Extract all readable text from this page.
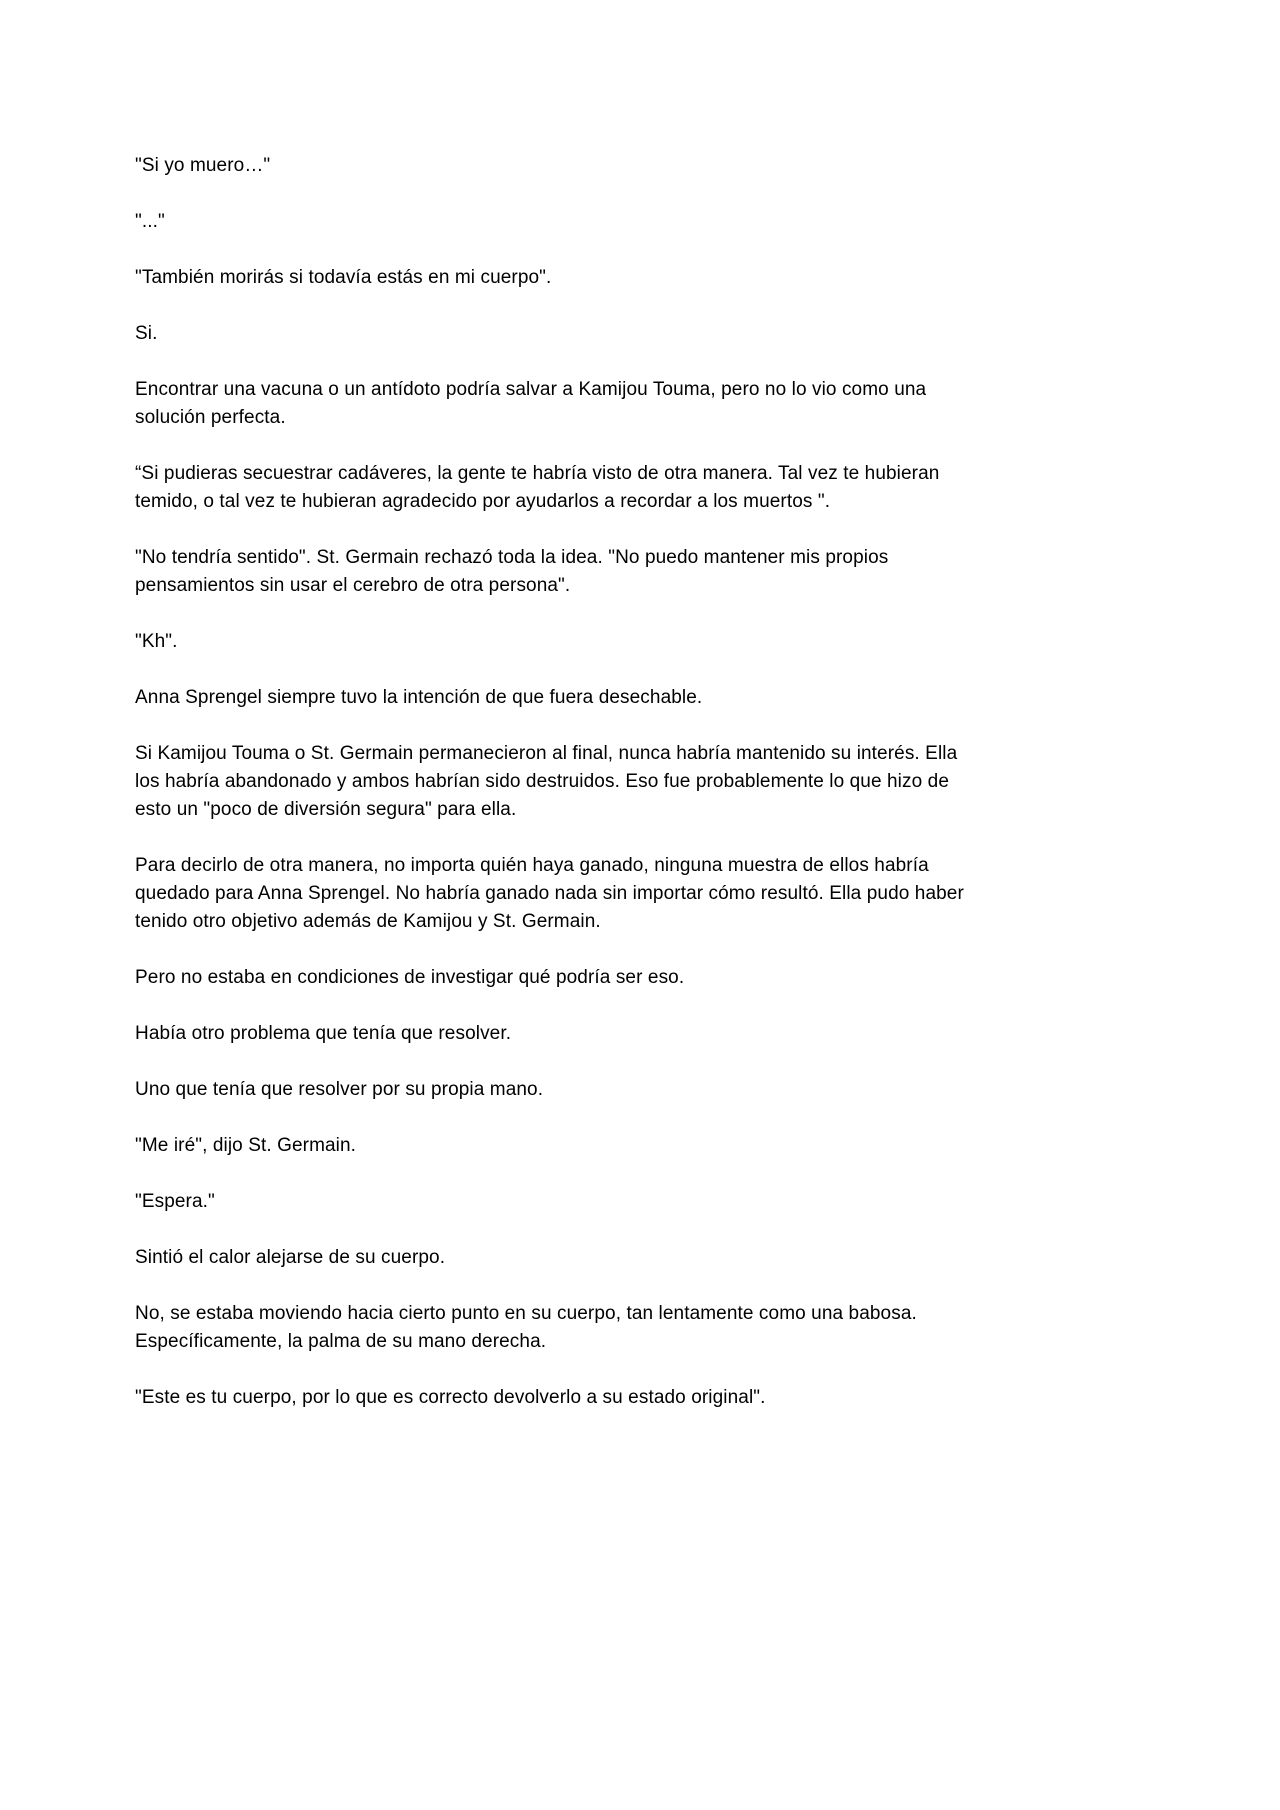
"Si yo muero…"

"..."

"También morirás si todavía estás en mi cuerpo".

Si.

Encontrar una vacuna o un antídoto podría salvar a Kamijou Touma, pero no lo vio como una solución perfecta.

“Si pudieras secuestrar cadáveres, la gente te habría visto de otra manera. Tal vez te hubieran temido, o tal vez te hubieran agradecido por ayudarlos a recordar a los muertos ".

"No tendría sentido". St. Germain rechazó toda la idea. "No puedo mantener mis propios pensamientos sin usar el cerebro de otra persona".

"Kh".

Anna Sprengel siempre tuvo la intención de que fuera desechable.

Si Kamijou Touma o St. Germain permanecieron al final, nunca habría mantenido su interés. Ella los habría abandonado y ambos habrían sido destruidos. Eso fue probablemente lo que hizo de esto un "poco de diversión segura" para ella.

Para decirlo de otra manera, no importa quién haya ganado, ninguna muestra de ellos habría quedado para Anna Sprengel. No habría ganado nada sin importar cómo resultó. Ella pudo haber tenido otro objetivo además de Kamijou y St. Germain.

Pero no estaba en condiciones de investigar qué podría ser eso.

Había otro problema que tenía que resolver.

Uno que tenía que resolver por su propia mano.

"Me iré", dijo St. Germain.

"Espera."

Sintió el calor alejarse de su cuerpo.

No, se estaba moviendo hacia cierto punto en su cuerpo, tan lentamente como una babosa. Específicamente, la palma de su mano derecha.

"Este es tu cuerpo, por lo que es correcto devolverlo a su estado original".
